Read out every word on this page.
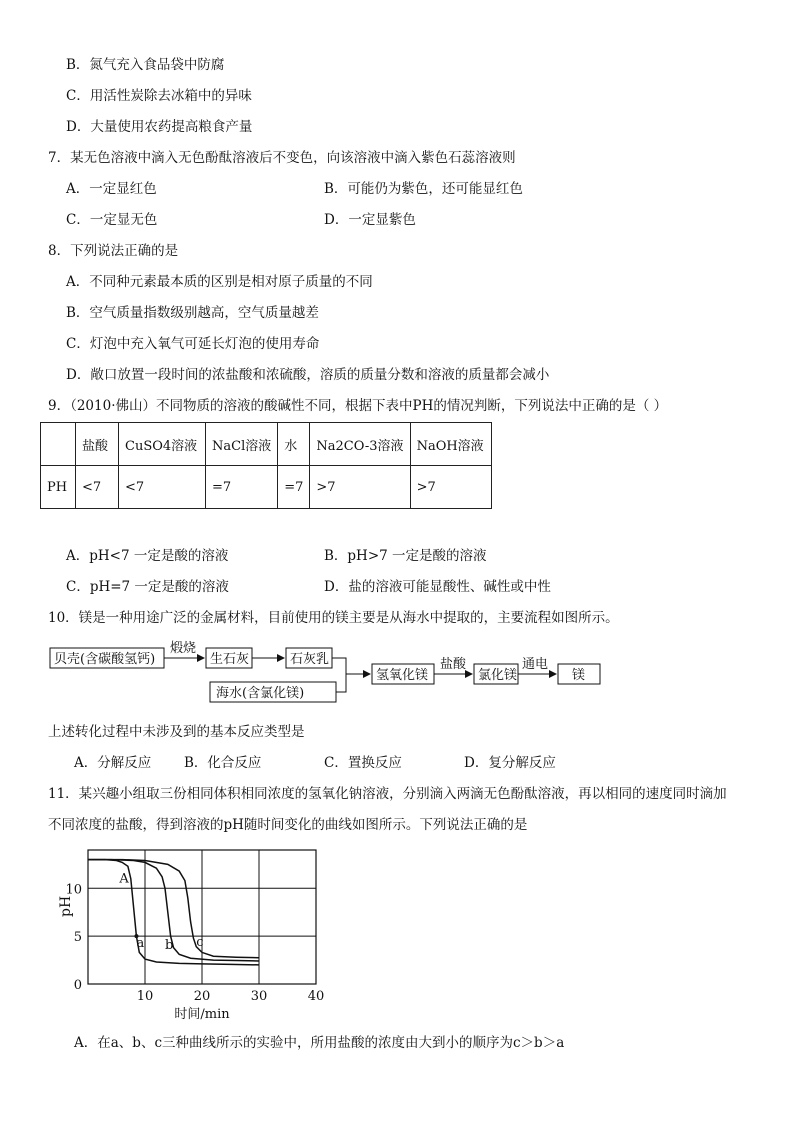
B．氮气充入食品袋中防腐
C．用活性炭除去冰箱中的异味
D．大量使用农药提高粮食产量
7．某无色溶液中滴入无色酚酞溶液后不变色，向该溶液中滴入紫色石蕊溶液则
A．一定显红色	B．可能仍为紫色，还可能显红色
C．一定显无色	D．一定显紫色
8．下列说法正确的是
A．不同种元素最本质的区别是相对原子质量的不同
B．空气质量指数级别越高，空气质量越差
C．灯泡中充入氧气可延长灯泡的使用寿命
D．敞口放置一段时间的浓盐酸和浓硫酸，溶质的质量分数和溶液的质量都会减小
9．（2010·佛山）不同物质的溶液的酸碱性不同，根据下表中PH的情况判断，下列说法中正确的是（ ）
	盐酸	CuSO4溶液	NaCl溶液	水	Na2CO-3溶液	NaOH溶液
PH	<7	<7	=7	=7	>7	>7
A．pH<7 一定是酸的溶液	B．pH>7 一定是酸的溶液
C．pH=7 一定是酸的溶液	D．盐的溶液可能显酸性、碱性或中性
10．镁是一种用途广泛的金属材料，目前使用的镁主要是从海水中提取的，主要流程如图所示。
贝壳(含碳酸氢钙)
煅烧
生石灰	石灰乳
海水(含氯化镁)
氢氧化镁
盐酸
氯化镁
通电
镁
上述转化过程中未涉及到的基本反应类型是
A．分解反应 B．化合反应	C．置换反应	D．复分解反应
11．某兴趣小组取三份相同体积相同浓度的氢氧化钠溶液，分别滴入两滴无色酚酞溶液，再以相同的速度同时滴加
不同浓度的盐酸，得到溶液的pH随时间变化的曲线如图所示。下列说法正确的是
10	20	30	40
0
5
10
A
a b c
pH
时间/min
A．在a、b、c三种曲线所示的实验中，所用盐酸的浓度由大到小的顺序为c＞b＞a
